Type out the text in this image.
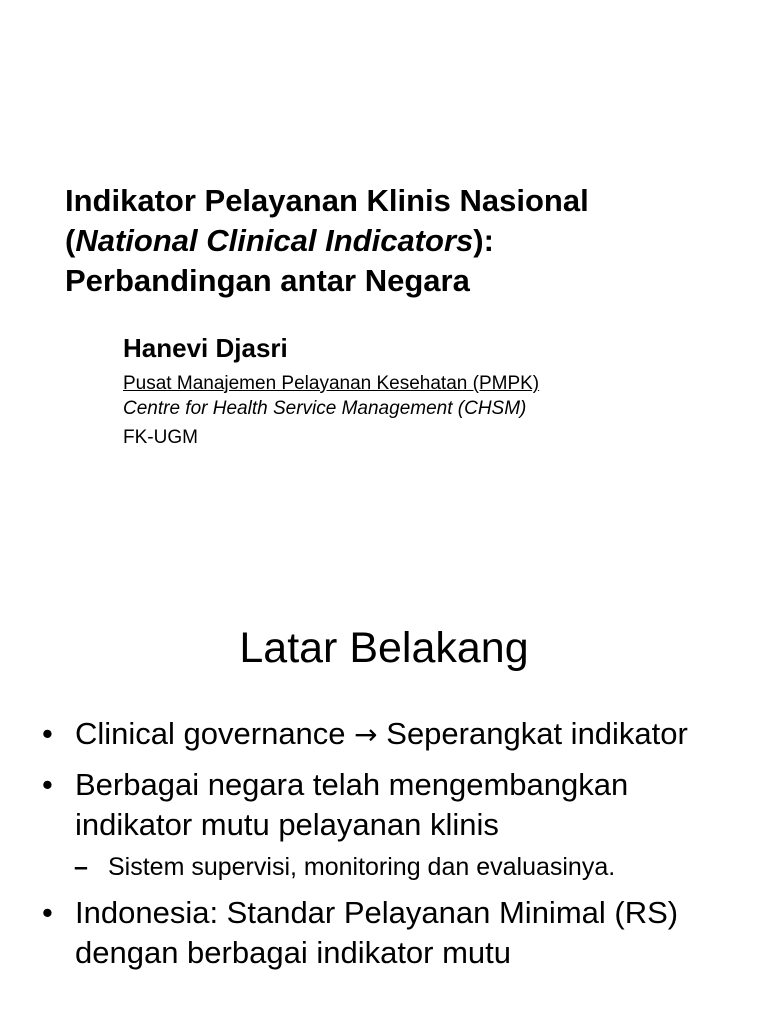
Indikator Pelayanan Klinis Nasional
(National Clinical Indicators):
Perbandingan antar Negara

Hanevi Djasri

Pusat Manajemen Pelayanan Kesehatan (PMPK)
Centre for Health Service Management (CHSM)
FK-UGM
Latar Belakang
• Clinical governance → Seperangkat indikator
• Berbagai negara telah mengembangkan indikator mutu pelayanan klinis
– Sistem supervisi, monitoring dan evaluasinya.
• Indonesia: Standar Pelayanan Minimal (RS) dengan berbagai indikator mutu
